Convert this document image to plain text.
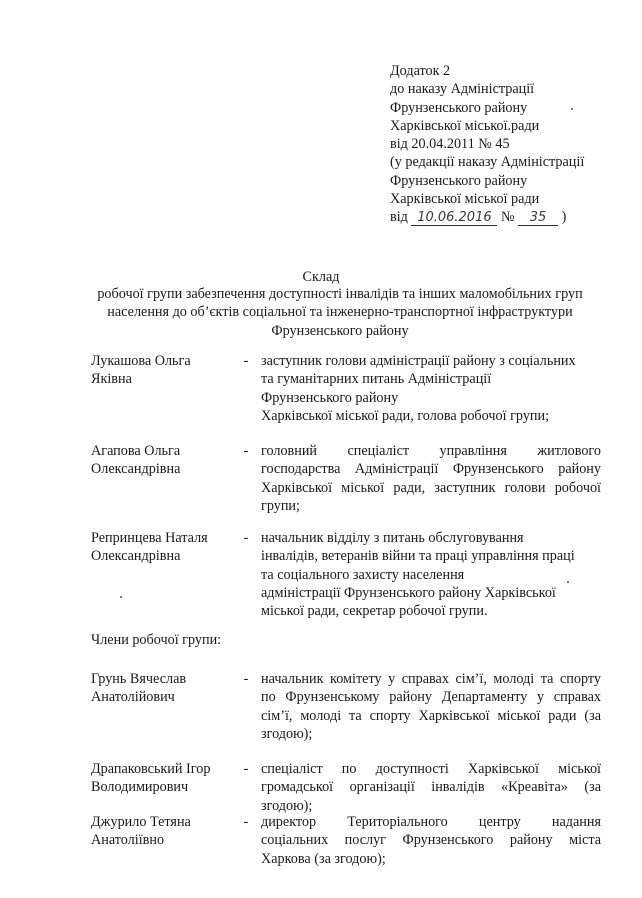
Додаток 2
до наказу Адміністрації
Фрунзенського району
Харківської міської.ради
від 20.04.2011 № 45
(у редакції наказу Адміністрації
Фрунзенського району
Харківської міської ради
від 10.06.2016 № 35 )
Склад
робочої групи забезпечення доступності інвалідів та інших маломобільних груп
населення до об’єктів соціальної та інженерно-транспортної інфраструктури
Фрунзенського району
Лукашова Ольга
Яківна
- заступник голови адміністрації району з соціальних
та гуманітарних питань Адміністрації
Фрунзенського району
Харківської міської ради, голова робочої групи;
Агапова Ольга
Олександрівна
- головний спеціаліст управління житлового
господарства Адміністрації Фрунзенського району
Харківської міської ради, заступник голови робочої
групи;
Репринцева Наталя
Олександрівна
- начальник відділу з питань обслуговування
інвалідів, ветеранів війни та праці управління праці
та соціального захисту населення
адміністрації Фрунзенського району Харківської
міської ради, секретар робочої групи.
Члени робочої групи:
Грунь Вячеслав
Анатолійович
- начальник комітету у справах сім’ї, молоді та спорту
по Фрунзенському району Департаменту у справах
сім’ї, молоді та спорту Харківської міської ради (за
згодою);
Драпаковський Ігор
Володимирович
- спеціаліст по доступності Харківської міської
громадської організації інвалідів «Креавіта» (за
згодою);
Джурило Тетяна
Анатоліївно
- директор Територіального центру надання
соціальних послуг Фрунзенського району міста
Харкова (за згодою);
